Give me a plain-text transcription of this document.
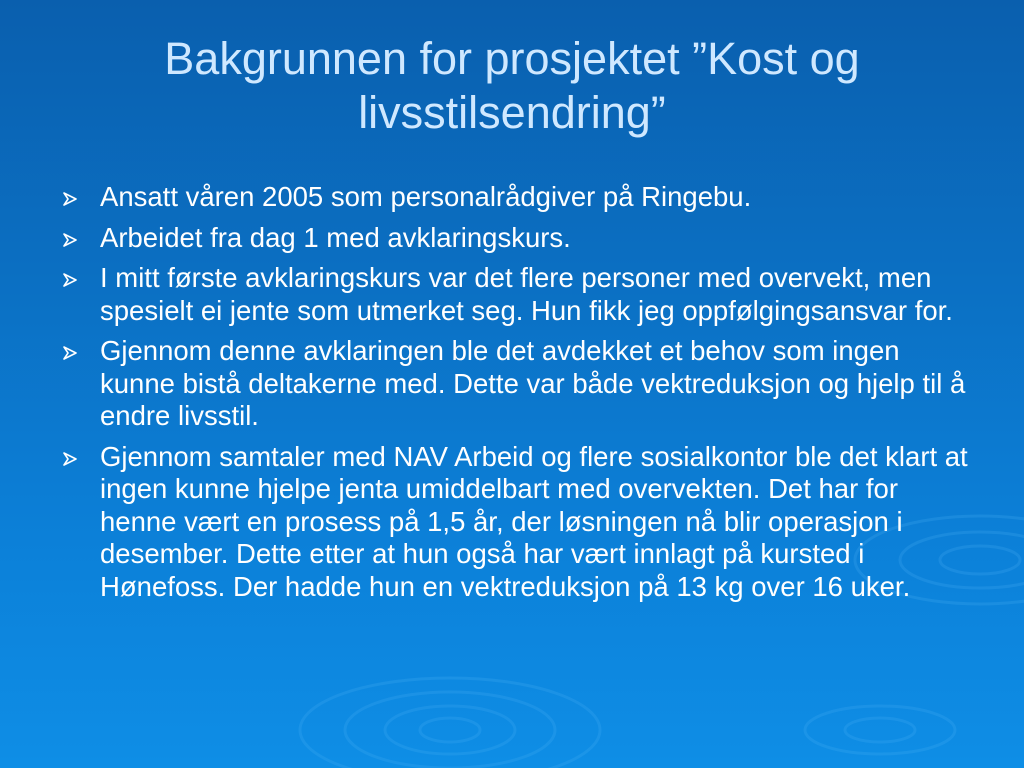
Bakgrunnen for prosjektet ”Kost og livsstilsendring”
Ansatt våren 2005 som personalrådgiver på Ringebu.
Arbeidet fra dag 1 med avklaringskurs.
I mitt første avklaringskurs var det flere personer med overvekt, men spesielt ei jente som utmerket seg. Hun fikk jeg oppfølgingsansvar for.
Gjennom denne avklaringen ble det avdekket et behov som ingen kunne bistå deltakerne med. Dette var både vektreduksjon og hjelp til å endre livsstil.
Gjennom samtaler med NAV Arbeid og flere sosialkontor ble det klart at ingen kunne hjelpe jenta umiddelbart med overvekten. Det har for henne vært en prosess på 1,5 år, der løsningen nå blir operasjon i desember. Dette etter at hun også har vært innlagt på kursted i Hønefoss. Der hadde hun en vektreduksjon på 13 kg over 16 uker.
